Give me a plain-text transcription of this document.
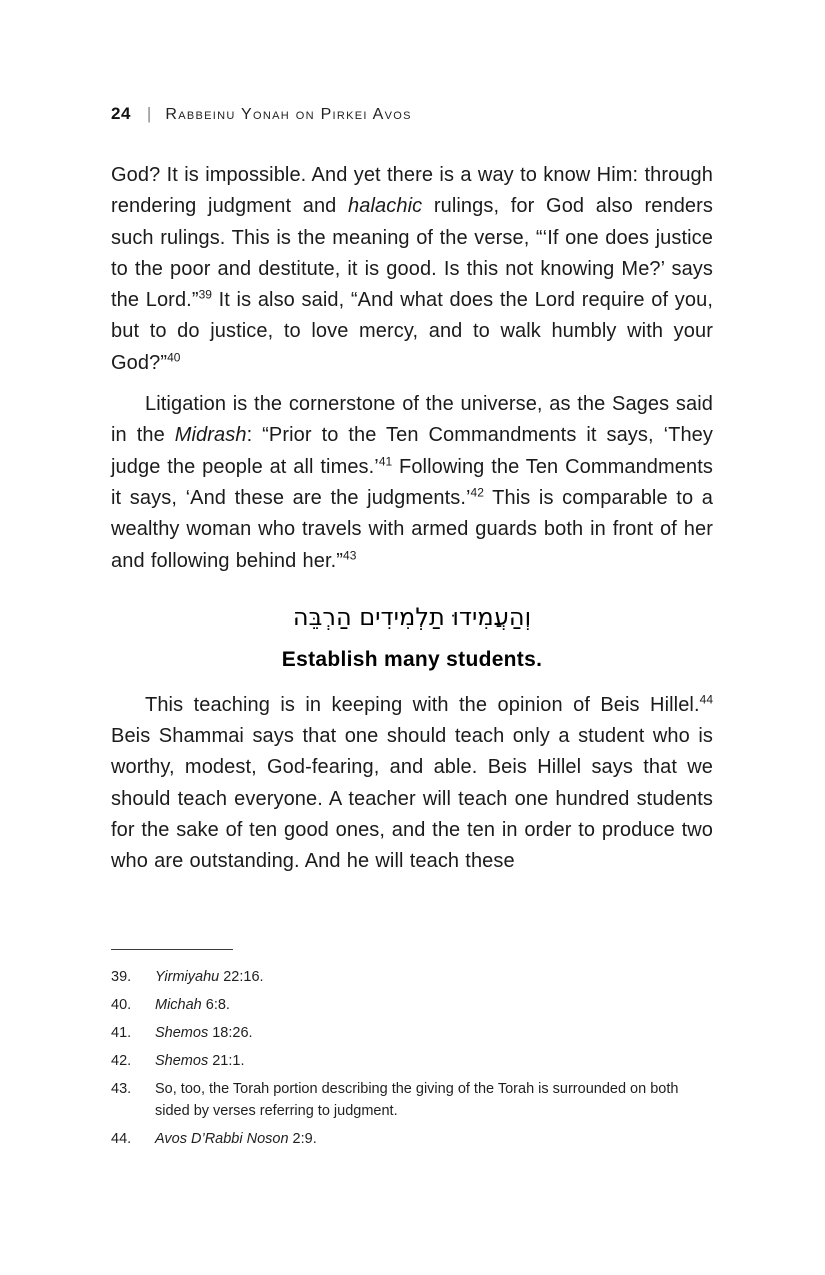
24 | Rabbeinu Yonah on Pirkei Avos

God? It is impossible. And yet there is a way to know Him: through rendering judgment and halachic rulings, for God also renders such rulings. This is the meaning of the verse, “‘If one does justice to the poor and destitute, it is good. Is this not knowing Me?’ says the Lord.”$^{39}$ It is also said, “And what does the Lord require of you, but to do justice, to love mercy, and to walk humbly with your God?”$^{40}$

Litigation is the cornerstone of the universe, as the Sages said in the Midrash: “Prior to the Ten Commandments it says, ‘They judge the people at all times.’$^{41}$ Following the Ten Commandments it says, ‘And these are the judgments.’$^{42}$ This is comparable to a wealthy woman who travels with armed guards both in front of her and following behind her.”$^{43}$

וְהַעֲמִידוּ תַלְמִידִים הַרְבֵּה
Establish many students.

This teaching is in keeping with the opinion of Beis Hillel.$^{44}$ Beis Shammai says that one should teach only a student who is worthy, modest, God-fearing, and able. Beis Hillel says that we should teach everyone. A teacher will teach one hundred students for the sake of ten good ones, and the ten in order to produce two who are outstanding. And he will teach these

39.	Yirmiyahu 22:16.
40.	Michah 6:8.
41.	Shemos 18:26.
42.	Shemos 21:1.
43.	So, too, the Torah portion describing the giving of the Torah is surrounded on both sided by verses referring to judgment.
44.	Avos D’Rabbi Noson 2:9.
